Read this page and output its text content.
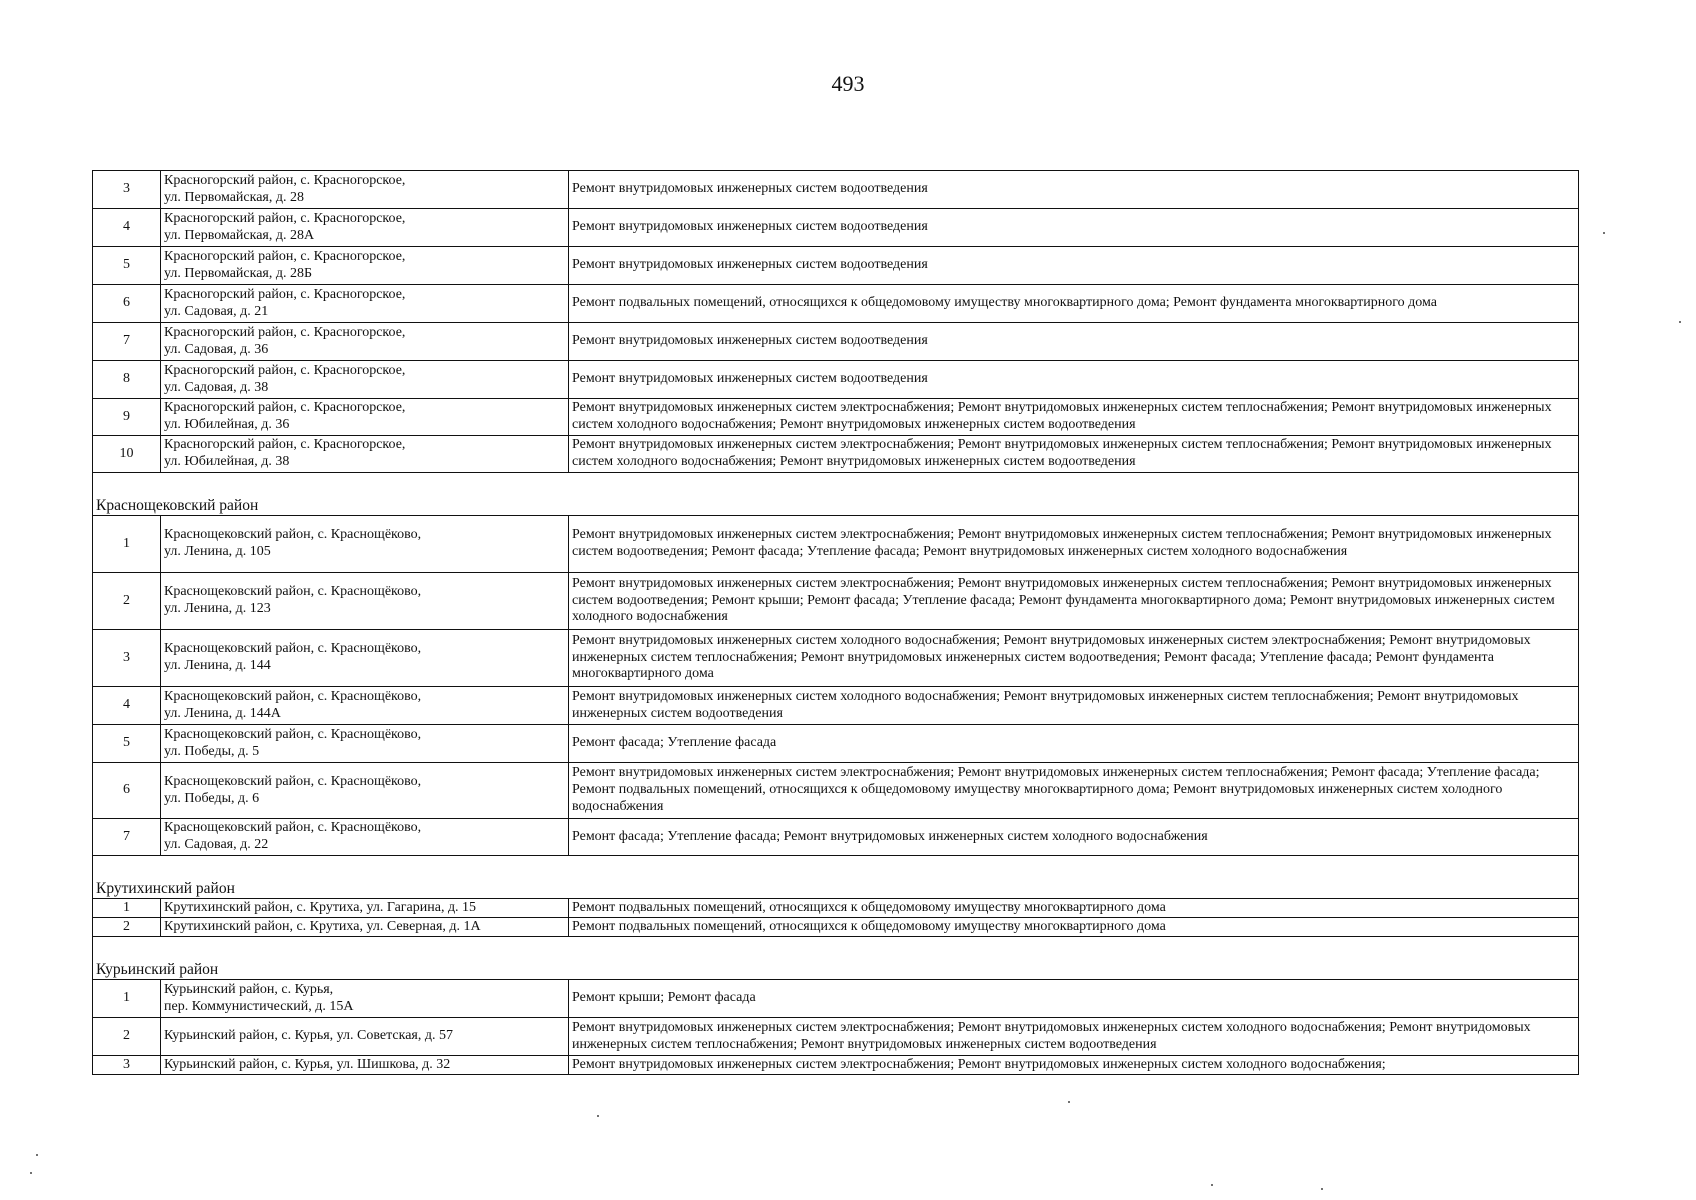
493
3	Красногорский район, с. Красногорское,
ул. Первомайская, д. 28	Ремонт внутридомовых инженерных систем водоотведения
4	Красногорский район, с. Красногорское,
ул. Первомайская, д. 28А	Ремонт внутридомовых инженерных систем водоотведения
5	Красногорский район, с. Красногорское,
ул. Первомайская, д. 28Б	Ремонт внутридомовых инженерных систем водоотведения
6	Красногорский район, с. Красногорское,
ул. Садовая, д. 21	Ремонт подвальных помещений, относящихся к общедомовому имуществу многоквартирного дома; Ремонт фундамента многоквартирного дома
7	Красногорский район, с. Красногорское,
ул. Садовая, д. 36	Ремонт внутридомовых инженерных систем водоотведения
8	Красногорский район, с. Красногорское,
ул. Садовая, д. 38	Ремонт внутридомовых инженерных систем водоотведения
9	Красногорский район, с. Красногорское,
ул. Юбилейная, д. 36	Ремонт внутридомовых инженерных систем электроснабжения; Ремонт внутридомовых инженерных систем теплоснабжения; Ремонт внутридомовых инженерных систем холодного водоснабжения; Ремонт внутридомовых инженерных систем водоотведения
10	Красногорский район, с. Красногорское,
ул. Юбилейная, д. 38	Ремонт внутридомовых инженерных систем электроснабжения; Ремонт внутридомовых инженерных систем теплоснабжения; Ремонт внутридомовых инженерных систем холодного водоснабжения; Ремонт внутридомовых инженерных систем водоотведения
Краснощековский район		
1	Краснощековский район, с. Краснощёково,
ул. Ленина, д. 105	Ремонт внутридомовых инженерных систем электроснабжения; Ремонт внутридомовых инженерных систем теплоснабжения; Ремонт внутридомовых инженерных систем водоотведения; Ремонт фасада; Утепление фасада; Ремонт внутридомовых инженерных систем холодного водоснабжения
2	Краснощековский район, с. Краснощёково,
ул. Ленина, д. 123	Ремонт внутридомовых инженерных систем электроснабжения; Ремонт внутридомовых инженерных систем теплоснабжения; Ремонт внутридомовых инженерных систем водоотведения; Ремонт крыши; Ремонт фасада; Утепление фасада; Ремонт фундамента многоквартирного дома; Ремонт внутридомовых инженерных систем холодного водоснабжения
3	Краснощековский район, с. Краснощёково,
ул. Ленина, д. 144	Ремонт внутридомовых инженерных систем холодного водоснабжения; Ремонт внутридомовых инженерных систем электроснабжения; Ремонт внутридомовых инженерных систем теплоснабжения; Ремонт внутридомовых инженерных систем водоотведения; Ремонт фасада; Утепление фасада; Ремонт фундамента многоквартирного дома
4	Краснощековский район, с. Краснощёково,
ул. Ленина, д. 144А	Ремонт внутридомовых инженерных систем холодного водоснабжения; Ремонт внутридомовых инженерных систем теплоснабжения; Ремонт внутридомовых инженерных систем водоотведения
5	Краснощековский район, с. Краснощёково,
ул. Победы, д. 5	Ремонт фасада; Утепление фасада
6	Краснощековский район, с. Краснощёково,
ул. Победы, д. 6	Ремонт внутридомовых инженерных систем электроснабжения; Ремонт внутридомовых инженерных систем теплоснабжения; Ремонт фасада; Утепление фасада; Ремонт подвальных помещений, относящихся к общедомовому имуществу многоквартирного дома; Ремонт внутридомовых инженерных систем холодного водоснабжения
7	Краснощековский район, с. Краснощёково,
ул. Садовая, д. 22	Ремонт фасада; Утепление фасада; Ремонт внутридомовых инженерных систем холодного водоснабжения
Крутихинский район		
1	Крутихинский район, с. Крутиха, ул. Гагарина, д. 15	Ремонт подвальных помещений, относящихся к общедомовому имуществу многоквартирного дома
2	Крутихинский район, с. Крутиха, ул. Северная, д. 1А	Ремонт подвальных помещений, относящихся к общедомовому имуществу многоквартирного дома
Курьинский район		
1	Курьинский район, с. Курья,
пер. Коммунистический, д. 15А	Ремонт крыши; Ремонт фасада
2	Курьинский район, с. Курья, ул. Советская, д. 57	Ремонт внутридомовых инженерных систем электроснабжения; Ремонт внутридомовых инженерных систем холодного водоснабжения; Ремонт внутридомовых инженерных систем теплоснабжения; Ремонт внутридомовых инженерных систем водоотведения
3	Курьинский район, с. Курья, ул. Шишкова, д. 32	Ремонт внутридомовых инженерных систем электроснабжения; Ремонт внутридомовых инженерных систем холодного водоснабжения;
